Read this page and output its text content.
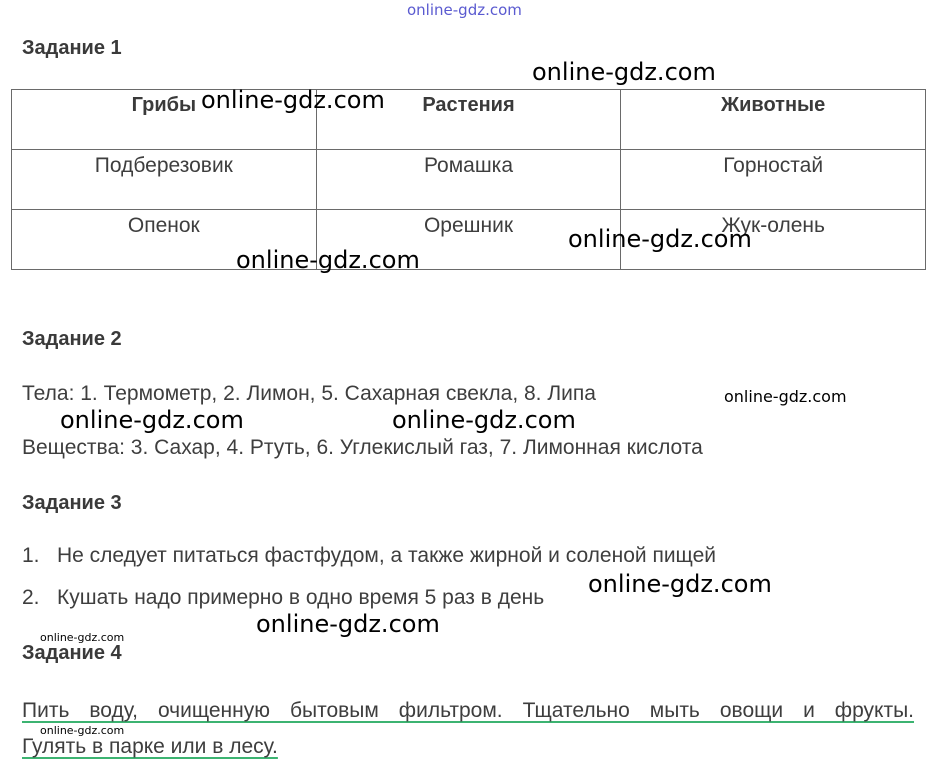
online-gdz.com
Задание 1
Грибы	Растения	Животные
Подберезовик	Ромашка	Горностай
Опенок	Орешник	Жук-олень
Задание 2
Тела: 1. Термометр, 2. Лимон, 5. Сахарная свекла, 8. Липа
Вещества: 3. Сахар, 4. Ртуть, 6. Углекислый газ, 7. Лимонная кислота
Задание 3
1. Не следует питаться фастфудом, а также жирной и соленой пищей
2. Кушать надо примерно в одно время 5 раз в день
Задание 4
Пить воду, очищенную бытовым фильтром. Тщательно мыть овощи и фрукты.
Гулять в парке или в лесу.
online-gdz.com
online-gdz.com
online-gdz.com
online-gdz.com
online-gdz.com
online-gdz.com	online-gdz.com
online-gdz.com
online-gdz.com
online-gdz.com
online-gdz.com
